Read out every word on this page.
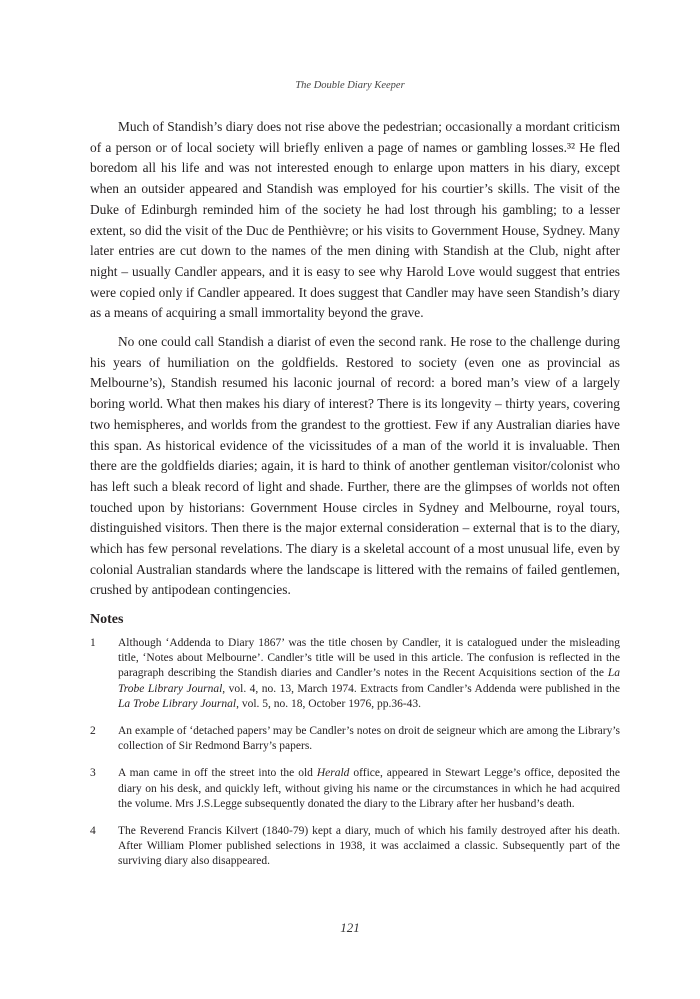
The Double Diary Keeper

Much of Standish’s diary does not rise above the pedestrian; occasionally a mordant criticism of a person or of local society will briefly enliven a page of names or gambling losses.³² He fled boredom all his life and was not interested enough to enlarge upon matters in his diary, except when an outsider appeared and Standish was employed for his courtier’s skills. The visit of the Duke of Edinburgh reminded him of the society he had lost through his gambling; to a lesser extent, so did the visit of the Duc de Penthièvre; or his visits to Government House, Sydney. Many later entries are cut down to the names of the men dining with Standish at the Club, night after night – usually Candler appears, and it is easy to see why Harold Love would suggest that entries were copied only if Candler appeared. It does suggest that Candler may have seen Standish’s diary as a means of acquiring a small immortality beyond the grave.

No one could call Standish a diarist of even the second rank. He rose to the challenge during his years of humiliation on the goldfields. Restored to society (even one as provincial as Melbourne’s), Standish resumed his laconic journal of record: a bored man’s view of a largely boring world. What then makes his diary of interest? There is its longevity – thirty years, covering two hemispheres, and worlds from the grandest to the grottiest. Few if any Australian diaries have this span. As historical evidence of the vicissitudes of a man of the world it is invaluable. Then there are the goldfields diaries; again, it is hard to think of another gentleman visitor/colonist who has left such a bleak record of light and shade. Further, there are the glimpses of worlds not often touched upon by historians: Government House circles in Sydney and Melbourne, royal tours, distinguished visitors. Then there is the major external consideration – external that is to the diary, which has few personal revelations. The diary is a skeletal account of a most unusual life, even by colonial Australian standards where the landscape is littered with the remains of failed gentlemen, crushed by antipodean contingencies.

Notes
1	Although ‘Addenda to Diary 1867’ was the title chosen by Candler, it is catalogued under the misleading title, ‘Notes about Melbourne’. Candler’s title will be used in this article. The confusion is reflected in the paragraph describing the Standish diaries and Candler’s notes in the Recent Acquisitions section of the La Trobe Library Journal, vol. 4, no. 13, March 1974. Extracts from Candler’s Addenda were published in the La Trobe Library Journal, vol. 5, no. 18, October 1976, pp.36-43.

2	An example of ‘detached papers’ may be Candler’s notes on droit de seigneur which are among the Library’s collection of Sir Redmond Barry’s papers.

3	A man came in off the street into the old Herald office, appeared in Stewart Legge’s office, deposited the diary on his desk, and quickly left, without giving his name or the circumstances in which he had acquired the volume. Mrs J.S.Legge subsequently donated the diary to the Library after her husband’s death.

4	The Reverend Francis Kilvert (1840-79) kept a diary, much of which his family destroyed after his death. After William Plomer published selections in 1938, it was acclaimed a classic. Subsequently part of the surviving diary also disappeared.

121
